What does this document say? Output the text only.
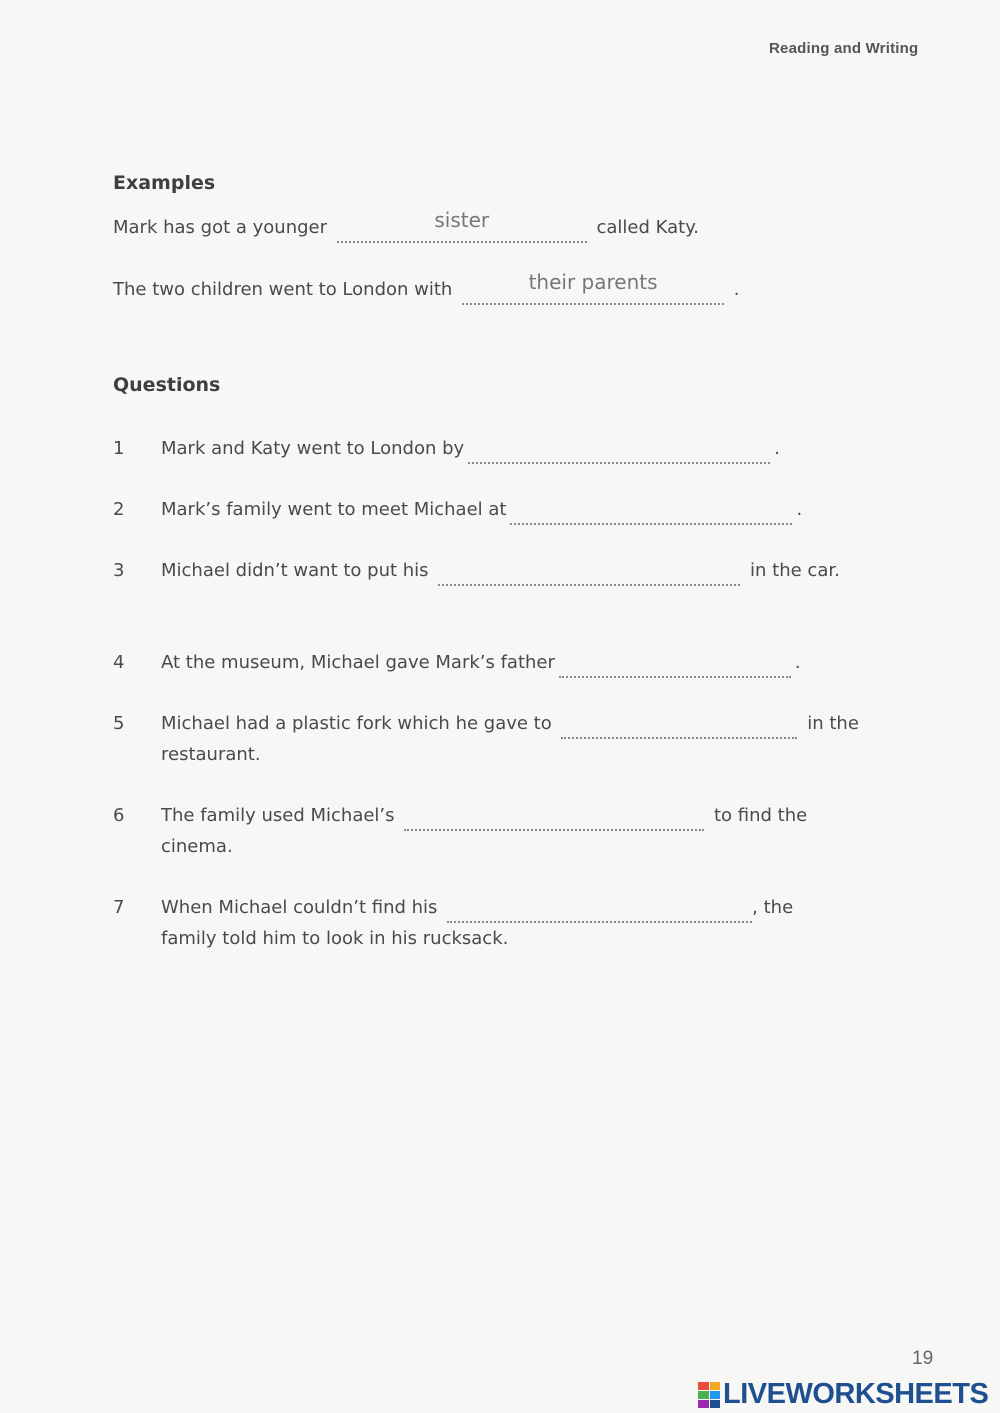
Reading and Writing
Examples
Mark has got a younger	sister	called Katy.
The two children went to London with	their parents	.
Questions
1 Mark and Katy went to London by	.
2 Mark’s family went to meet Michael at	.
3 Michael didn’t want to put his	in the car.
4 At the museum, Michael gave Mark’s father	.
5 Michael had a plastic fork which he gave to	in the restaurant.
6 The family used Michael’s	to find the cinema.
7 When Michael couldn’t find his	, the family told him to look in his rucksack.
19
LIVEWORKSHEETS
